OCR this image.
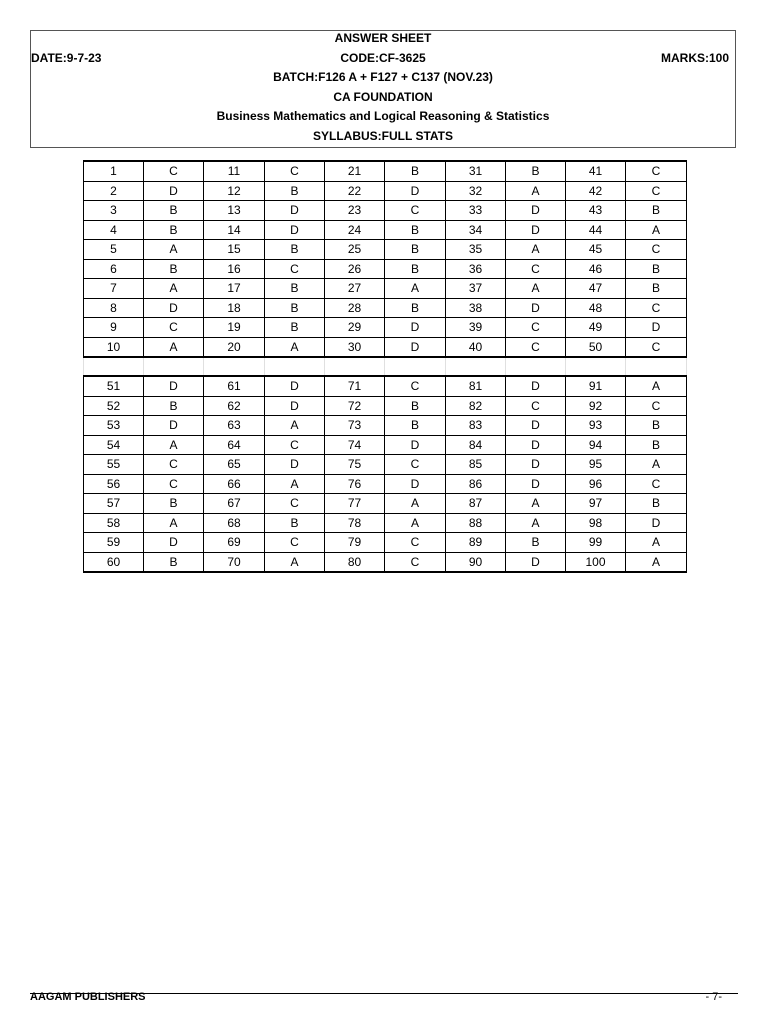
ANSWER SHEET
DATE:9-7-23	CODE:CF-3625	MARKS:100
BATCH:F126 A + F127 + C137 (NOV.23)
CA FOUNDATION
Business Mathematics and Logical Reasoning & Statistics
SYLLABUS:FULL STATS
1	C	11	C	21	B	31	B	41	C
2	D	12	B	22	D	32	A	42	C
3	B	13	D	23	C	33	D	43	B
4	B	14	D	24	B	34	D	44	A
5	A	15	B	25	B	35	A	45	C
6	B	16	C	26	B	36	C	46	B
7	A	17	B	27	A	37	A	47	B
8	D	18	B	28	B	38	D	48	C
9	C	19	B	29	D	39	C	49	D
10	A	20	A	30	D	40	C	50	C

51	D	61	D	71	C	81	D	91	A
52	B	62	D	72	B	82	C	92	C
53	D	63	A	73	B	83	D	93	B
54	A	64	C	74	D	84	D	94	B
55	C	65	D	75	C	85	D	95	A
56	C	66	A	76	D	86	D	96	C
57	B	67	C	77	A	87	A	97	B
58	A	68	B	78	A	88	A	98	D
59	D	69	C	79	C	89	B	99	A
60	B	70	A	80	C	90	D	100	A
AAGAM PUBLISHERS	- 7-
